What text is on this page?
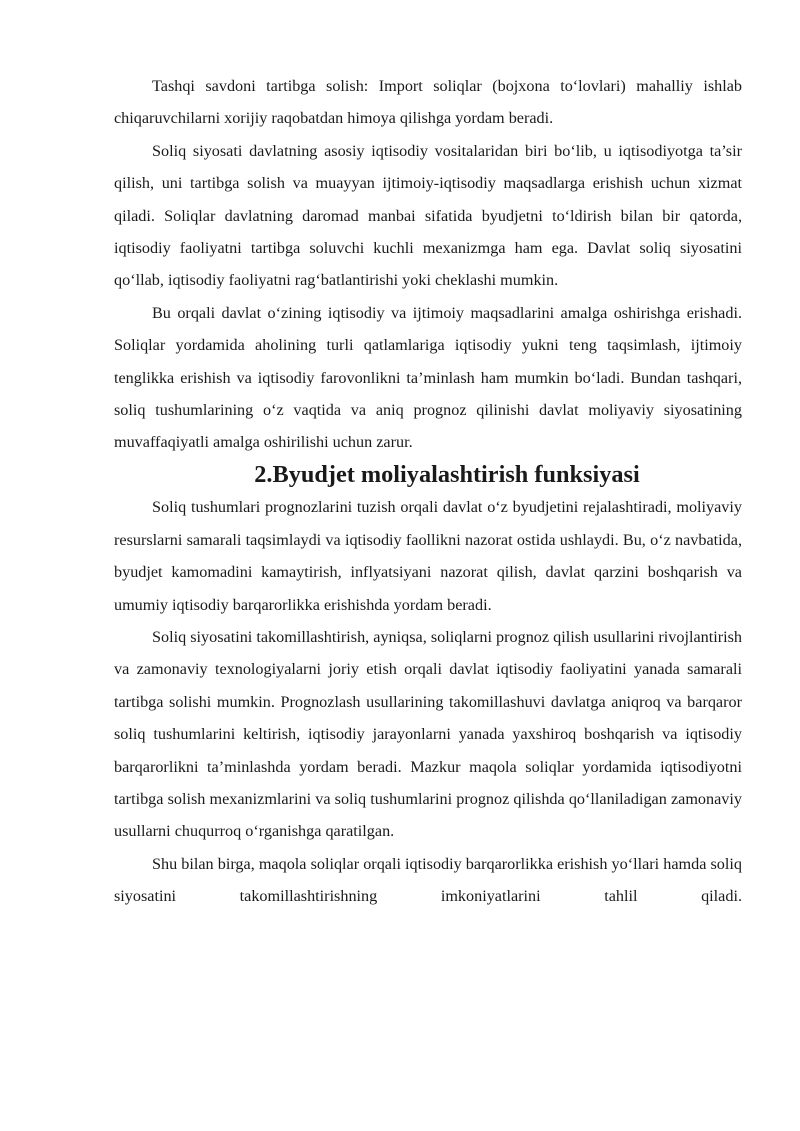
Tashqi savdoni tartibga solish: Import soliqlar (bojxona to‘lovlari) mahalliy ishlab chiqaruvchilarni xorijiy raqobatdan himoya qilishga yordam beradi.

Soliq siyosati davlatning asosiy iqtisodiy vositalaridan biri bo‘lib, u iqtisodiyotga ta’sir qilish, uni tartibga solish va muayyan ijtimoiy-iqtisodiy maqsadlarga erishish uchun xizmat qiladi. Soliqlar davlatning daromad manbai sifatida byudjetni to‘ldirish bilan bir qatorda, iqtisodiy faoliyatni tartibga soluvchi kuchli mexanizmga ham ega. Davlat soliq siyosatini qo‘llab, iqtisodiy faoliyatni rag‘batlantirishi yoki cheklashi mumkin.

Bu orqali davlat o‘zining iqtisodiy va ijtimoiy maqsadlarini amalga oshirishga erishadi. Soliqlar yordamida aholining turli qatlamlariga iqtisodiy yukni teng taqsimlash, ijtimoiy tenglikka erishish va iqtisodiy farovonlikni ta’minlash ham mumkin bo‘ladi. Bundan tashqari, soliq tushumlarining o‘z vaqtida va aniq prognoz qilinishi davlat moliyaviy siyosatining muvaffaqiyatli amalga oshirilishi uchun zarur.

2.Byudjet moliyalashtirish funksiyasi

Soliq tushumlari prognozlarini tuzish orqali davlat o‘z byudjetini rejalashtiradi, moliyaviy resurslarni samarali taqsimlaydi va iqtisodiy faollikni nazorat ostida ushlaydi. Bu, o‘z navbatida, byudjet kamomadini kamaytirish, inflyatsiyani nazorat qilish, davlat qarzini boshqarish va umumiy iqtisodiy barqarorlikka erishishda yordam beradi.

Soliq siyosatini takomillashtirish, ayniqsa, soliqlarni prognoz qilish usullarini rivojlantirish va zamonaviy texnologiyalarni joriy etish orqali davlat iqtisodiy faoliyatini yanada samarali tartibga solishi mumkin. Prognozlash usullarining takomillashuvi davlatga aniqroq va barqaror soliq tushumlarini keltirish, iqtisodiy jarayonlarni yanada yaxshiroq boshqarish va iqtisodiy barqarorlikni ta’minlashda yordam beradi. Mazkur maqola soliqlar yordamida iqtisodiyotni tartibga solish mexanizmlarini va soliq tushumlarini prognoz qilishda qo‘llaniladigan zamonaviy usullarni chuqurroq o‘rganishga qaratilgan.

Shu bilan birga, maqola soliqlar orqali iqtisodiy barqarorlikka erishish yo‘llari hamda soliq siyosatini takomillashtirishning imkoniyatlarini tahlil qiladi.
